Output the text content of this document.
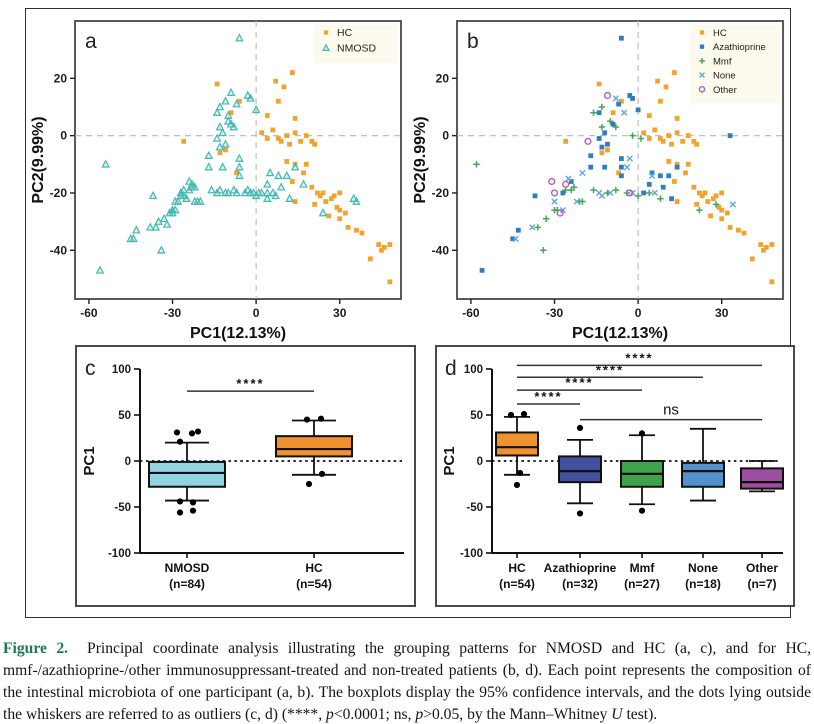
-60	-30	0	30
20
0
-20
-40
PC1(12.13%)
PC2(9.99%)
a	HC
NMOSD
-60	-30	0	30
20
0
-20
-40
PC1(12.13%)
PC2(9.99%)
b	HC
Azathioprine
Mmf
None
Other
c 100
50
0
-50
-100
PC1
NMOSD
(n=84)
HC
(n=54)
****
d 100
50
0
-50
-100
PC1
HC
(n=54)
Azathioprine
(n=32)
Mmf
(n=27)
None
(n=18)
Other
(n=7)
****
****
****
****
ns

Figure 2.  Principal coordinate analysis illustrating the grouping patterns for NMOSD and HC (a, c), and for HC, mmf-/azathioprine-/other immunosuppressant-treated and non-treated patients (b, d). Each point represents the composition of the intestinal microbiota of one participant (a, b). The boxplots display the 95% confidence intervals, and the dots lying outside the whiskers are referred to as outliers (c, d) (****, p<0.0001; ns, p>0.05, by the Mann–Whitney U test).
